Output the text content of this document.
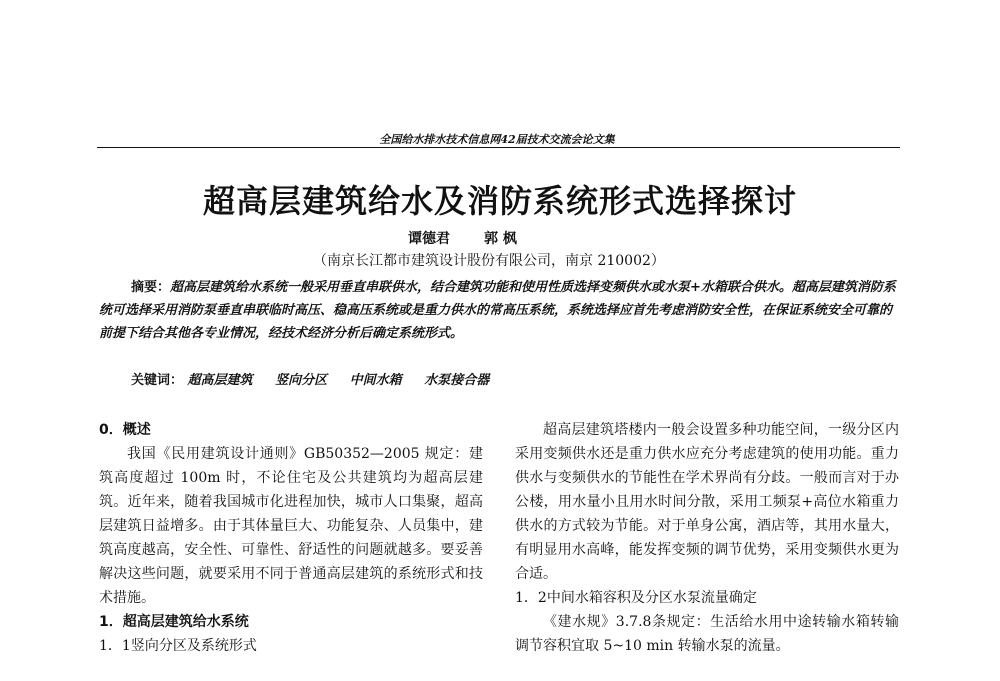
全国给水排水技术信息网42届技术交流会论文集
超高层建筑给水及消防系统形式选择探讨
谭德君 郭 枫
（南京长江都市建筑设计股份有限公司，南京 210002）
摘要：超高层建筑给水系统一般采用垂直串联供水，结合建筑功能和使用性质选择变频供水或水泵+水箱联合供水。超高层建筑消防系统可选择采用消防泵垂直串联临时高压、稳高压系统或是重力供水的常高压系统，系统选择应首先考虑消防安全性，在保证系统安全可靠的前提下结合其他各专业情况，经技术经济分析后确定系统形式。
关键词： 超高层建筑 竖向分区 中间水箱 水泵接合器

0．概述

我国《民用建筑设计通则》GB50352—2005 规定：建筑高度超过 100m 时，不论住宅及公共建筑均为超高层建筑。近年来，随着我国城市化进程加快，城市人口集聚，超高层建筑日益增多。由于其体量巨大、功能复杂、人员集中，建筑高度越高，安全性、可靠性、舒适性的问题就越多。要妥善解决这些问题，就要采用不同于普通高层建筑的系统形式和技术措施。

1．超高层建筑给水系统

1．1竖向分区及系统形式

超高层建筑塔楼内一般会设置多种功能空间，一级分区内采用变频供水还是重力供水应充分考虑建筑的使用功能。重力供水与变频供水的节能性在学术界尚有分歧。一般而言对于办公楼，用水量小且用水时间分散，采用工频泵+高位水箱重力供水的方式较为节能。对于单身公寓，酒店等，其用水量大，有明显用水高峰，能发挥变频的调节优势，采用变频供水更为合适。

1．2中间水箱容积及分区水泵流量确定

《建水规》3.7.8条规定：生活给水用中途转输水箱转输调节容积宜取 5~10 min 转输水泵的流量。
